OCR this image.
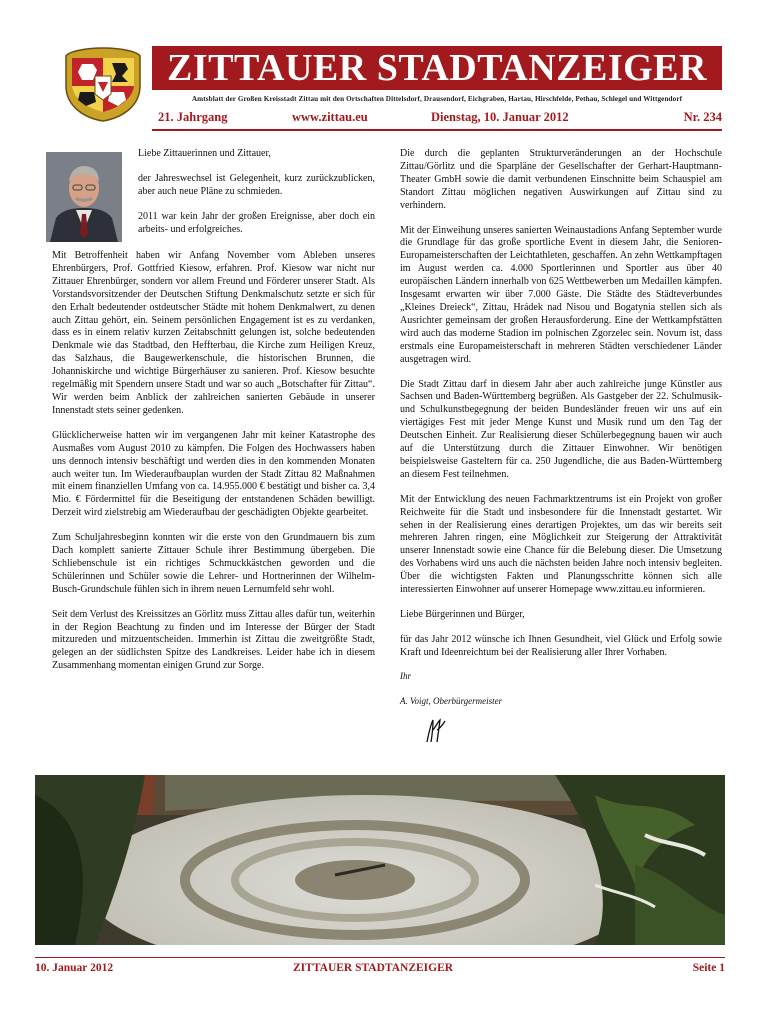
ZITTAUER STADTANZEIGER
Amtsblatt der Großen Kreisstadt Zittau mit den Ortschaften Dittelsdorf, Drausendorf, Eichgraben, Hartau, Hirschfelde, Pethau, Schlegel und Wittgendorf
21. Jahrgang	www.zittau.eu	Dienstag, 10. Januar 2012	Nr. 234

Liebe Zittauerinnen und Zittauer,

der Jahreswechsel ist Gelegenheit, kurz zurückzublicken, aber auch neue Pläne zu schmieden.

2011 war kein Jahr der großen Ereignisse, aber doch ein arbeits- und erfolgreiches.

Mit Betroffenheit haben wir Anfang November vom Ableben unseres Ehrenbürgers, Prof. Gottfried Kiesow, erfahren. Prof. Kiesow war nicht nur Zittauer Ehrenbürger, sondern vor allem Freund und Förderer unserer Stadt. Als Vorstandsvorsitzender der Deutschen Stiftung Denkmalschutz setzte er sich für den Erhalt bedeutender ostdeutscher Städte mit hohem Denkmalwert, zu denen auch Zittau gehört, ein. Seinem persönlichen Engagement ist es zu verdanken, dass es in einem relativ kurzen Zeitabschnitt gelungen ist, solche bedeutenden Denkmale wie das Stadtbad, den Heffterbau, die Kirche zum Heiligen Kreuz, das Salzhaus, die Baugewerkenschule, die historischen Brunnen, die Johanniskirche und wichtige Bürgerhäuser zu sanieren. Prof. Kiesow besuchte regelmäßig mit Spendern unsere Stadt und war so auch „Botschafter für Zittau“. Wir werden beim Anblick der zahlreichen sanierten Gebäude in unserer Innenstadt stets seiner gedenken.

Glücklicherweise hatten wir im vergangenen Jahr mit keiner Katastrophe des Ausmaßes vom August 2010 zu kämpfen. Die Folgen des Hochwassers haben uns dennoch intensiv beschäftigt und werden dies in den kommenden Monaten auch weiter tun. Im Wiederaufbauplan wurden der Stadt Zittau 82 Maßnahmen mit einem finanziellen Umfang von ca. 14.955.000 € bestätigt und bisher ca. 3,4 Mio. € Fördermittel für die Beseitigung der entstandenen Schäden bewilligt. Derzeit wird zielstrebig am Wiederaufbau der geschädigten Objekte gearbeitet.

Zum Schuljahresbeginn konnten wir die erste von den Grundmauern bis zum Dach komplett sanierte Zittauer Schule ihrer Bestimmung übergeben. Die Schliebenschule ist ein richtiges Schmuckkästchen geworden und die Schülerinnen und Schüler sowie die Lehrer- und Hortnerinnen der Wilhelm-Busch-Grundschule fühlen sich in ihrem neuen Lernumfeld sehr wohl.

Seit dem Verlust des Kreissitzes an Görlitz muss Zittau alles dafür tun, weiterhin in der Region Beachtung zu finden und im Interesse der Bürger der Stadt mitzureden und mitzuentscheiden. Immerhin ist Zittau die zweitgrößte Stadt, gelegen an der südlichsten Spitze des Landkreises. Leider habe ich in diesem Zusammenhang momentan einigen Grund zur Sorge.

Die durch die geplanten Strukturveränderungen an der Hochschule Zittau/Görlitz und die Sparpläne der Gesellschafter der Gerhart-Hauptmann-Theater GmbH sowie die damit verbundenen Einschnitte beim Schauspiel am Standort Zittau möglichen negativen Auswirkungen auf Zittau sind zu verhindern.

Mit der Einweihung unseres sanierten Weinaustadions Anfang September wurde die Grundlage für das große sportliche Event in diesem Jahr, die Senioren-Europameisterschaften der Leichtathleten, geschaffen. An zehn Wettkampftagen im August werden ca. 4.000 Sportlerinnen und Sportler aus über 40 europäischen Ländern innerhalb von 625 Wettbewerben um Medaillen kämpfen. Insgesamt erwarten wir über 7.000 Gäste. Die Städte des Städteverbundes „Kleines Dreieck“, Zittau, Hrádek nad Nisou und Bogatynia stellen sich als Ausrichter gemeinsam der großen Herausforderung. Eine der Wettkampfstätten wird auch das moderne Stadion im polnischen Zgorzelec sein. Novum ist, dass erstmals eine Europameisterschaft in mehreren Städten verschiedener Länder ausgetragen wird.

Die Stadt Zittau darf in diesem Jahr aber auch zahlreiche junge Künstler aus Sachsen und Baden-Württemberg begrüßen. Als Gastgeber der 22. Schulmusik- und Schulkunstbegegnung der beiden Bundesländer freuen wir uns auf ein viertägiges Fest mit jeder Menge Kunst und Musik rund um den Tag der Deutschen Einheit. Zur Realisierung dieser Schülerbegegnung bauen wir auch auf die Unterstützung durch die Zittauer Einwohner. Wir benötigen beispielsweise Gasteltern für ca. 250 Jugendliche, die aus Baden-Württemberg an diesem Fest teilnehmen.

Mit der Entwicklung des neuen Fachmarktzentrums ist ein Projekt von großer Reichweite für die Stadt und insbesondere für die Innenstadt gestartet. Wir sehen in der Realisierung eines derartigen Projektes, um das wir bereits seit mehreren Jahren ringen, eine Möglichkeit zur Steigerung der Attraktivität unserer Innenstadt sowie eine Chance für die Belebung dieser. Die Umsetzung des Vorhabens wird uns auch die nächsten beiden Jahre noch intensiv begleiten. Über die wichtigsten Fakten und Planungsschritte können sich alle interessierten Einwohner auf unserer Homepage www.zittau.eu informieren.

Liebe Bürgerinnen und Bürger,

für das Jahr 2012 wünsche ich Ihnen Gesundheit, viel Glück und Erfolg sowie Kraft und Ideenreichtum bei der Realisierung aller Ihrer Vorhaben.

Ihr

A. Voigt, Oberbürgermeister

10. Januar 2012	ZITTAUER STADTANZEIGER	Seite 1
